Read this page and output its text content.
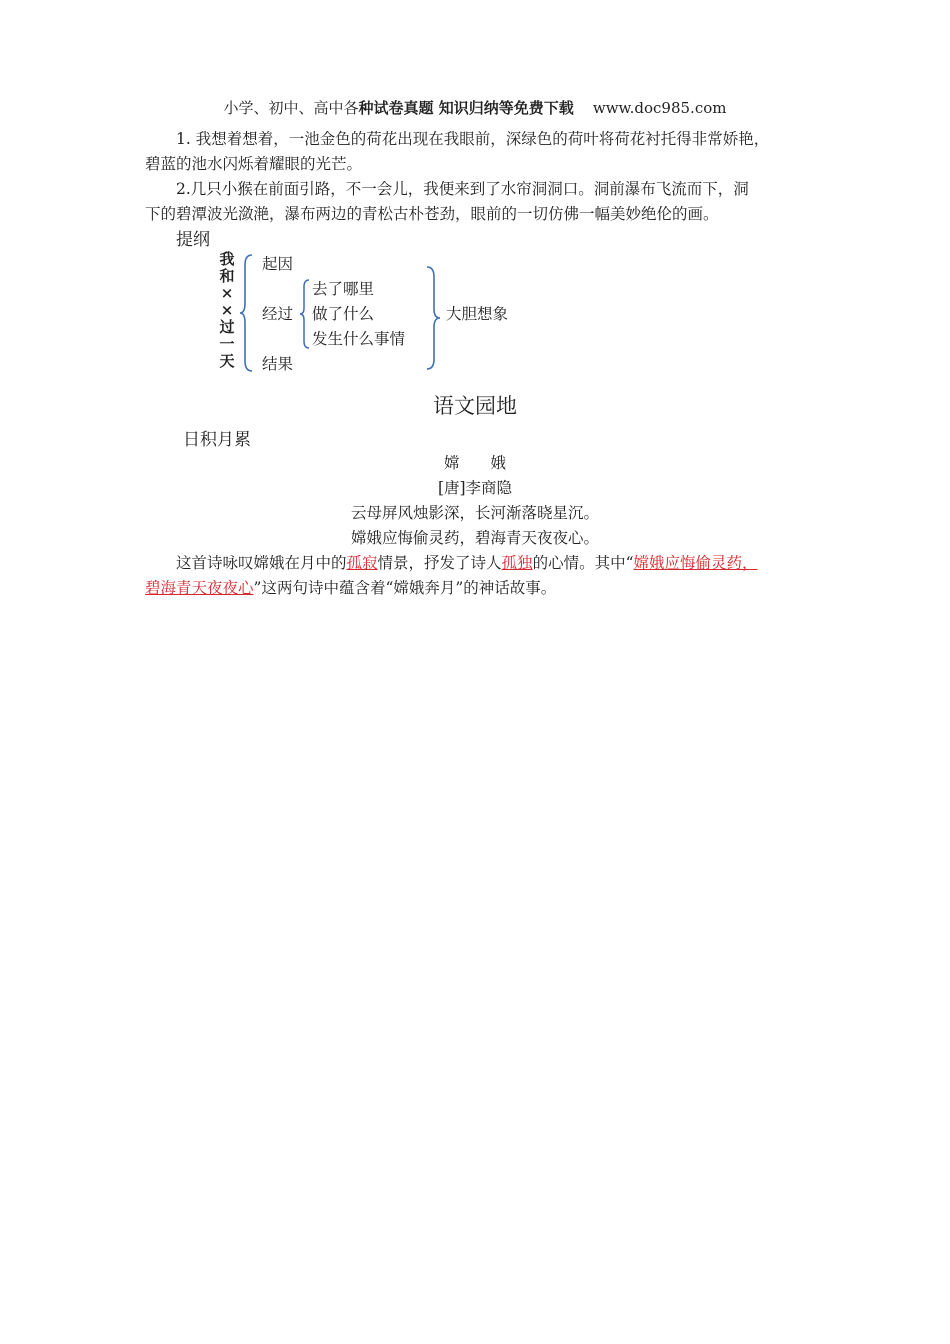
小学、初中、高中各种试卷真题 知识归纳等免费下载 www.doc985.com
1. 我想着想着，一池金色的荷花出现在我眼前，深绿色的荷叶将荷花衬托得非常娇艳，
碧蓝的池水闪烁着耀眼的光芒。
2.几只小猴在前面引路，不一会儿，我便来到了水帘洞洞口。洞前瀑布飞流而下，洞
下的碧潭波光潋滟，瀑布两边的青松古朴苍劲，眼前的一切仿佛一幅美妙绝伦的画。
提纲
我
和
×
×
过
一
天
起因
经过
结果
去了哪里
做了什么
发生什么事情
大胆想象
语文园地
日积月累
嫦　　娥
[唐]李商隐
云母屏风烛影深，长河渐落晓星沉。
嫦娥应悔偷灵药，碧海青天夜夜心。
这首诗咏叹嫦娥在月中的孤寂情景，抒发了诗人孤独的心情。其中“嫦娥应悔偷灵药，
碧海青天夜夜心”这两句诗中蕴含着“嫦娥奔月”的神话故事。
